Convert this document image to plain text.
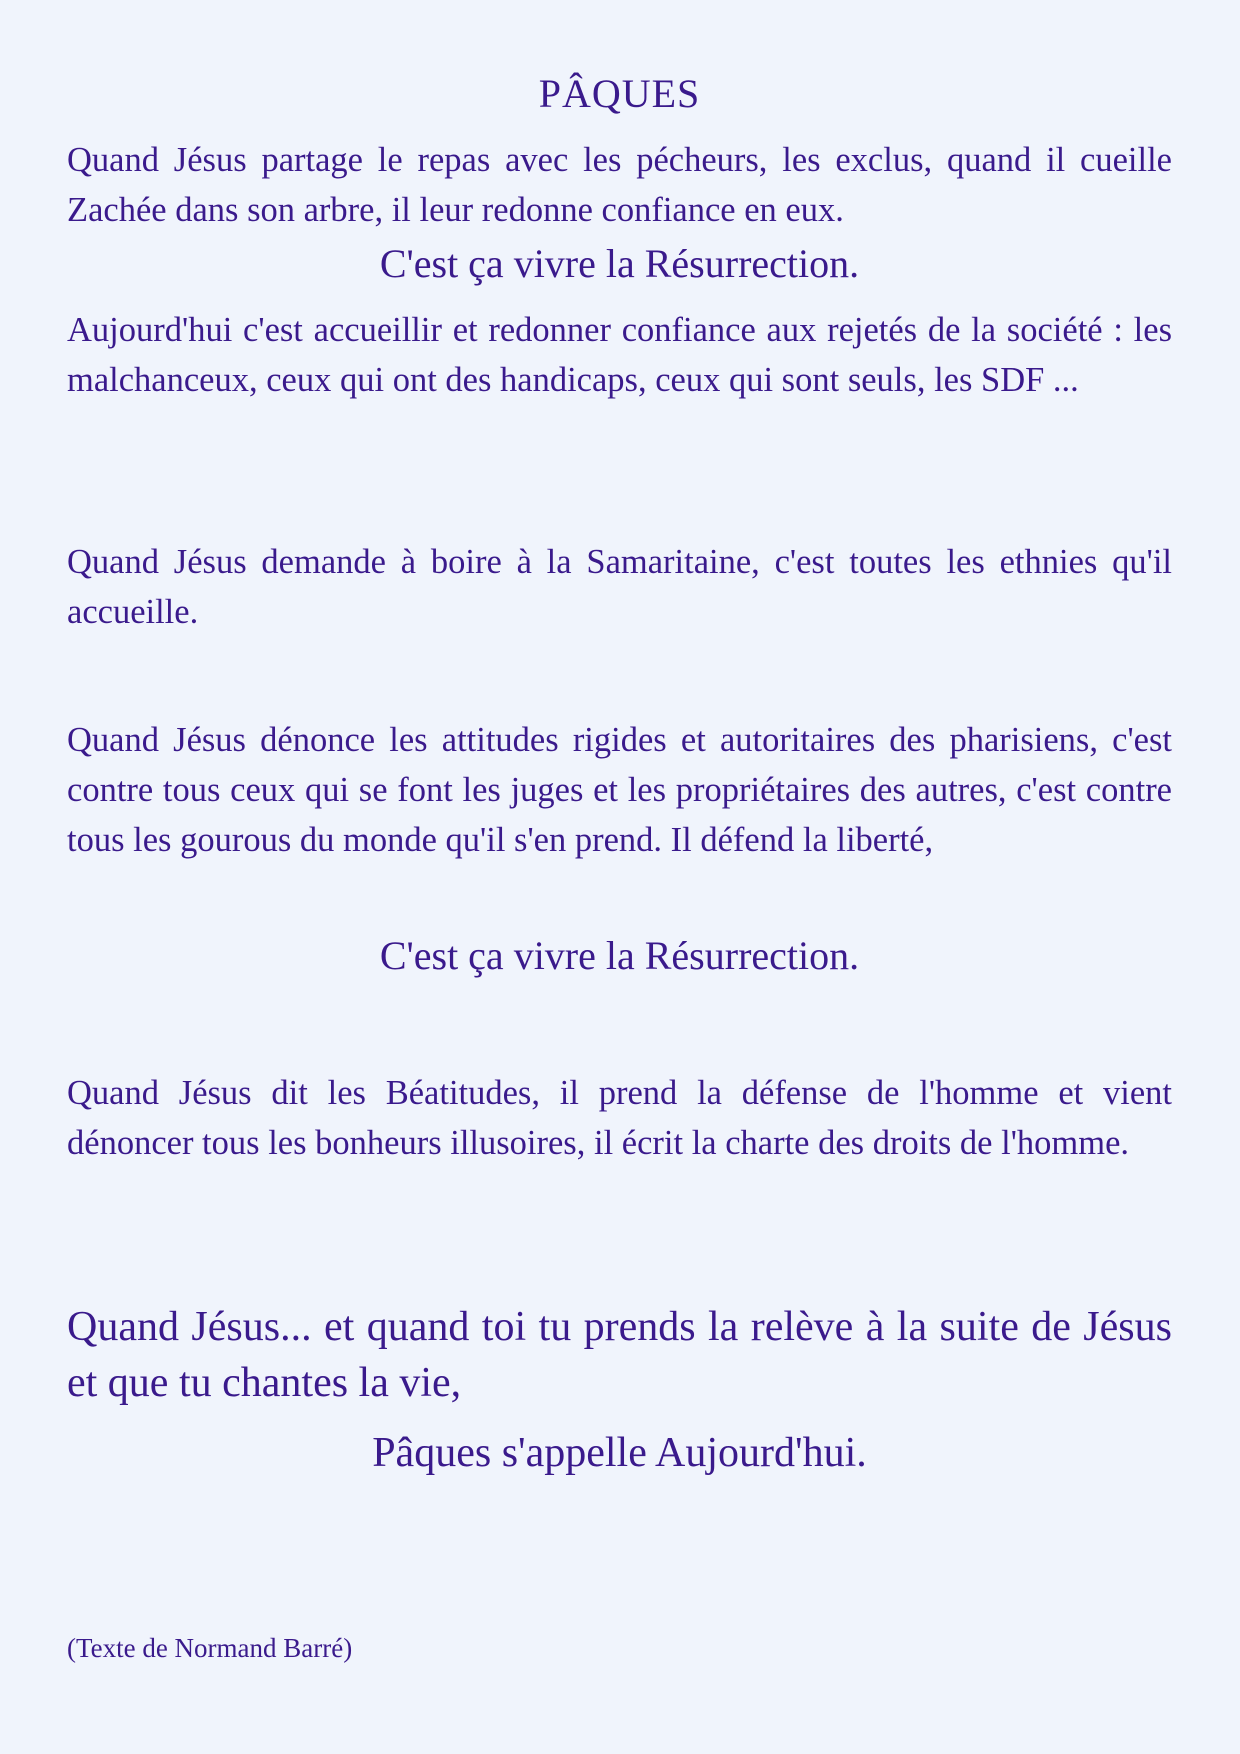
PÂQUES

Quand Jésus partage le repas avec les pécheurs, les exclus, quand il cueille Zachée dans son arbre, il leur redonne confiance en eux.

C'est ça vivre la Résurrection.

Aujourd'hui c'est accueillir et redonner confiance aux rejetés de la société : les malchanceux, ceux qui ont des handicaps, ceux qui sont seuls, les SDF ...

Quand Jésus demande à boire à la Samaritaine, c'est toutes les ethnies qu'il accueille.

Quand Jésus dénonce les attitudes rigides et autoritaires des pharisiens, c'est contre tous ceux qui se font les juges et les propriétaires des autres, c'est contre tous les gourous du monde qu'il s'en prend. Il défend la liberté,

C'est ça vivre la Résurrection.

Quand Jésus dit les Béatitudes, il prend la défense de l'homme et vient dénoncer tous les bonheurs illusoires, il écrit la charte des droits de l'homme.

Quand Jésus... et quand toi tu prends la relève à la suite de Jésus et que tu chantes la vie,

Pâques s'appelle Aujourd'hui.

(Texte de Normand Barré)
